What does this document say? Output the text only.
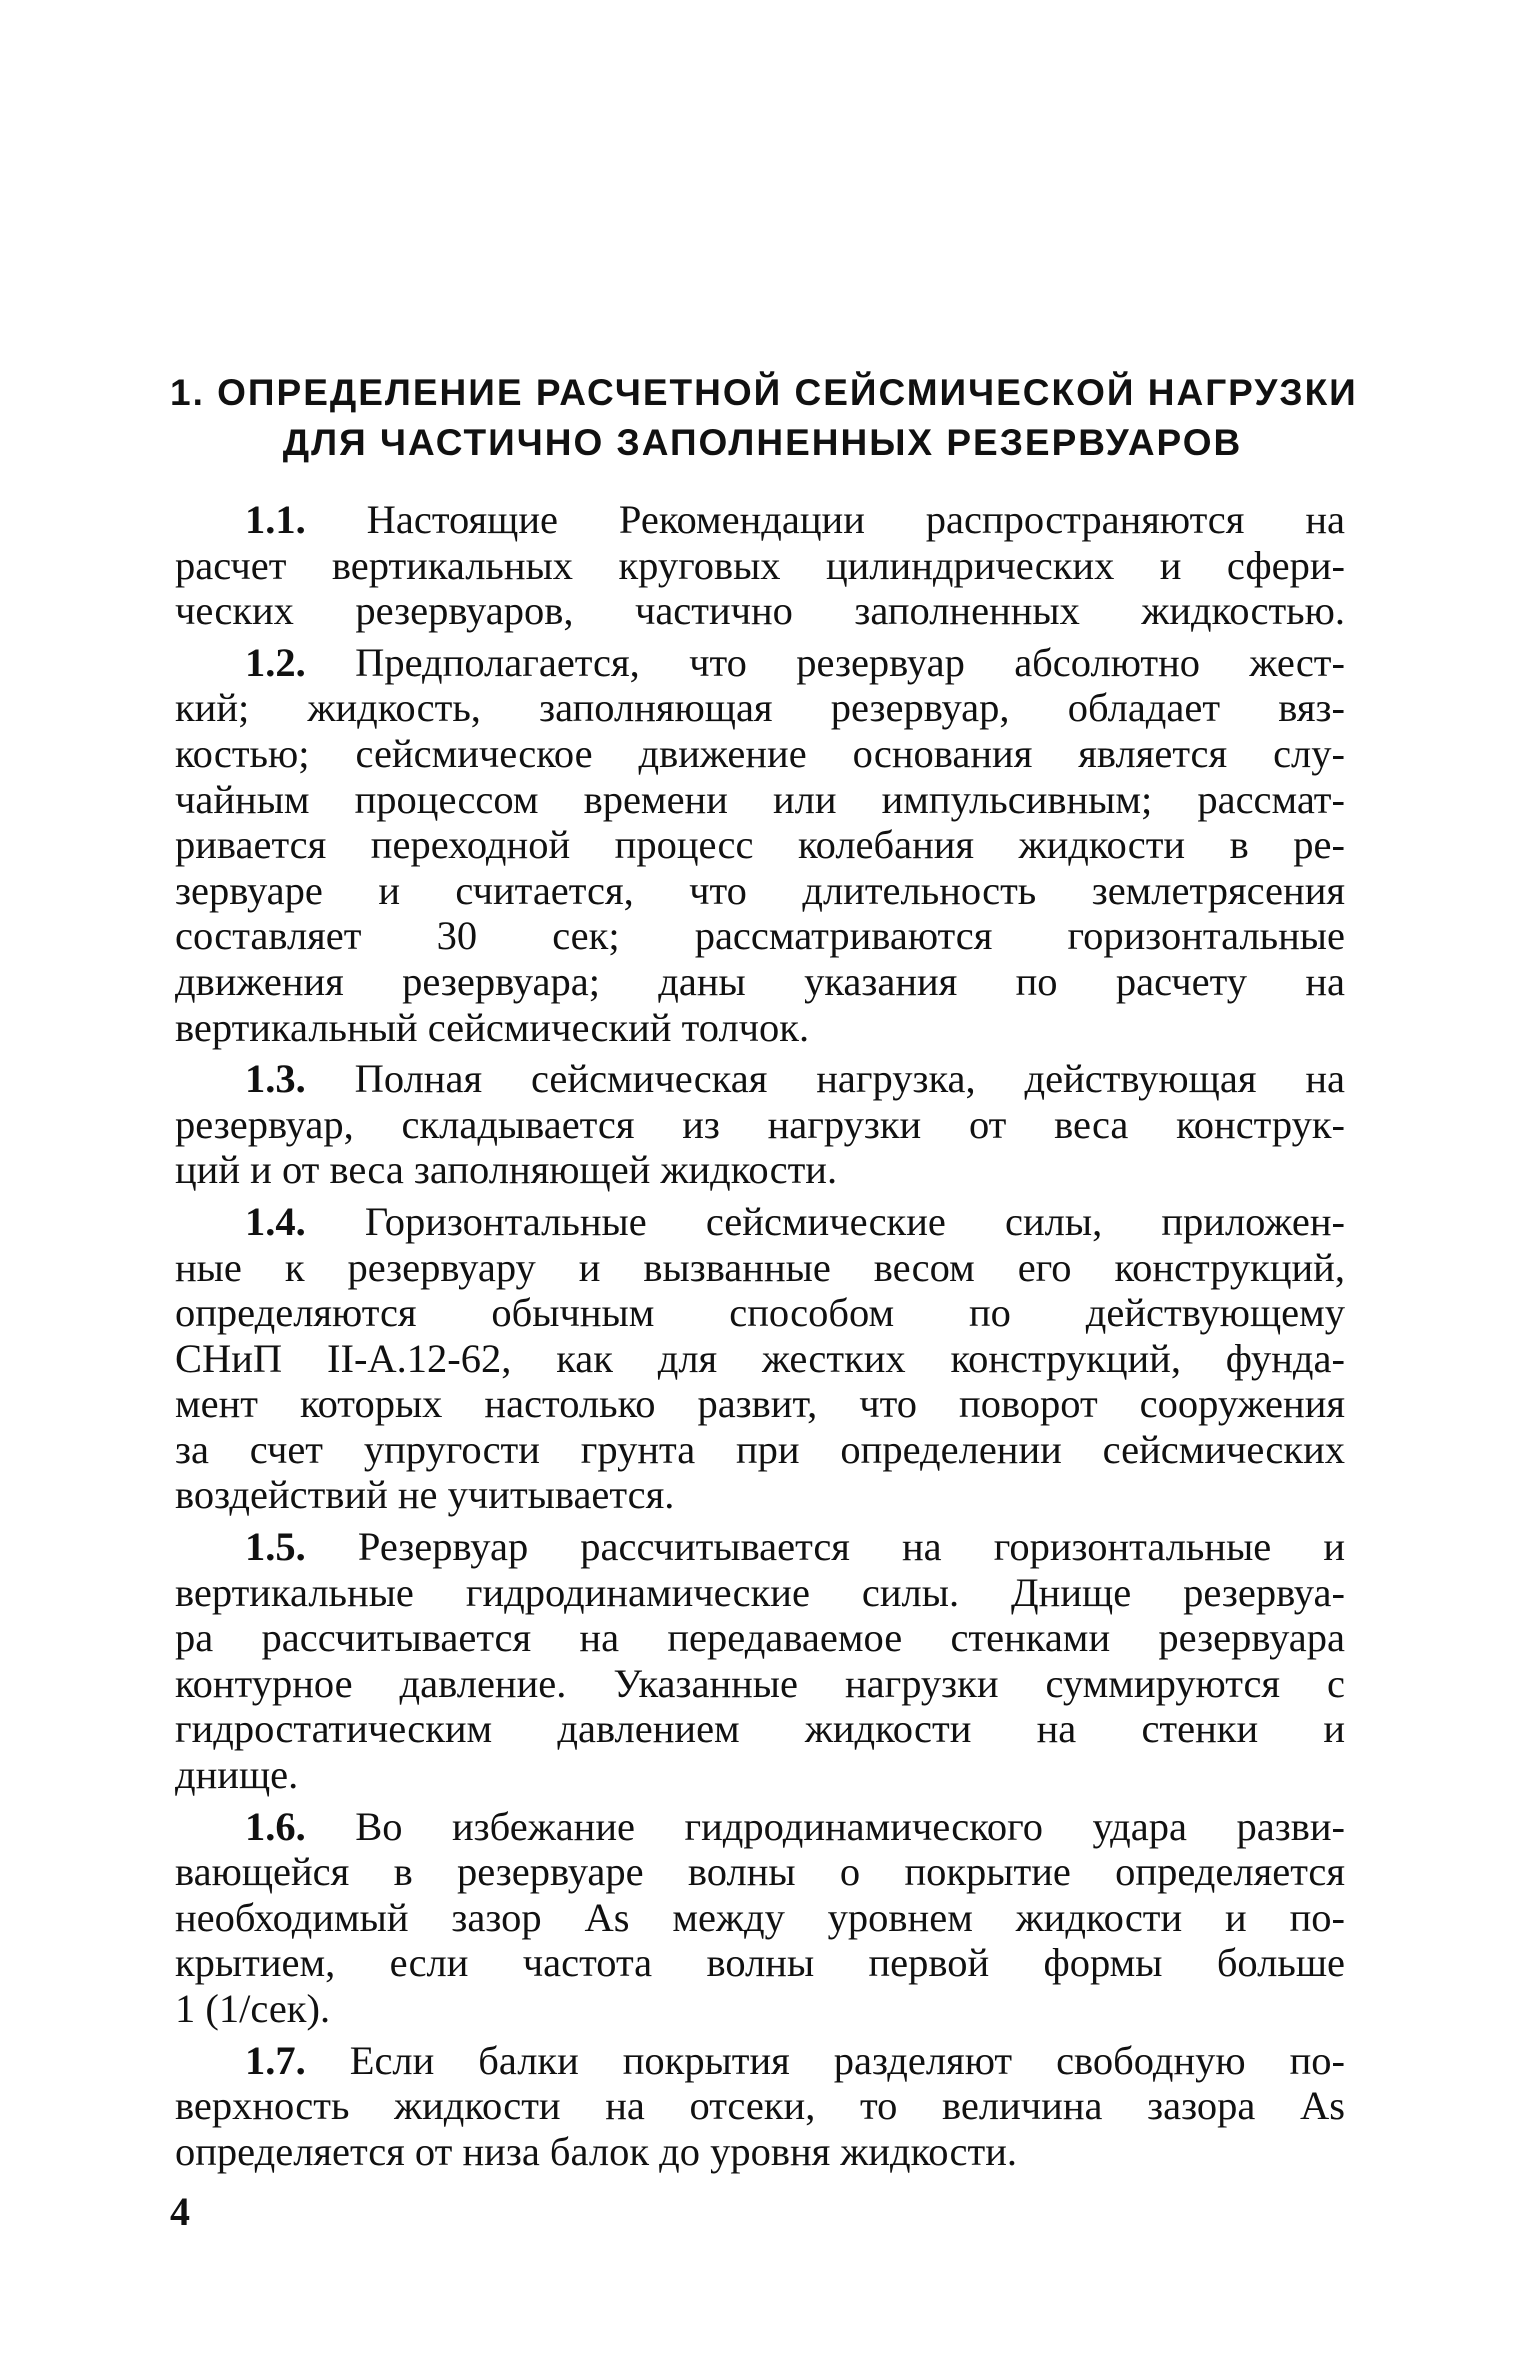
1. ОПРЕДЕЛЕНИЕ РАСЧЕТНОЙ СЕЙСМИЧЕСКОЙ НАГРУЗКИ
ДЛЯ ЧАСТИЧНО ЗАПОЛНЕННЫХ РЕЗЕРВУАРОВ
1.1. Настоящие Рекомендации распространяются на
расчет вертикальных круговых цилиндрических и сфери-
ческих резервуаров, частично заполненных жидкостью.
1.2. Предполагается, что резервуар абсолютно жест-
кий; жидкость, заполняющая резервуар, обладает вяз-
костью; сейсмическое движение основания является слу-
чайным процессом времени или импульсивным; рассмат-
ривается переходной процесс колебания жидкости в ре-
зервуаре и считается, что длительность землетрясения
составляет 30 сек; рассматриваются горизонтальные
движения резервуара; даны указания по расчету на
вертикальный сейсмический толчок.
1.3. Полная сейсмическая нагрузка, действующая на
резервуар, складывается из нагрузки от веса конструк-
ций и от веса заполняющей жидкости.
1.4. Горизонтальные сейсмические силы, приложен-
ные к резервуару и вызванные весом его конструкций,
определяются обычным способом по действующему
СНиП II-А.12-62, как для жестких конструкций, фунда-
мент которых настолько развит, что поворот сооружения
за счет упругости грунта при определении сейсмических
воздействий не учитывается.
1.5. Резервуар рассчитывается на горизонтальные и
вертикальные гидродинамические силы. Днище резервуа-
ра рассчитывается на передаваемое стенками резервуара
контурное давление. Указанные нагрузки суммируются с
гидростатическим давлением жидкости на стенки и
днище.
1.6. Во избежание гидродинамического удара разви-
вающейся в резервуаре волны о покрытие определяется
необходимый зазор As между уровнем жидкости и по-
крытием, если частота волны первой формы больше
1 (1/сек).
1.7. Если балки покрытия разделяют свободную по-
верхность жидкости на отсеки, то величина зазора As
определяется от низа балок до уровня жидкости.
4
